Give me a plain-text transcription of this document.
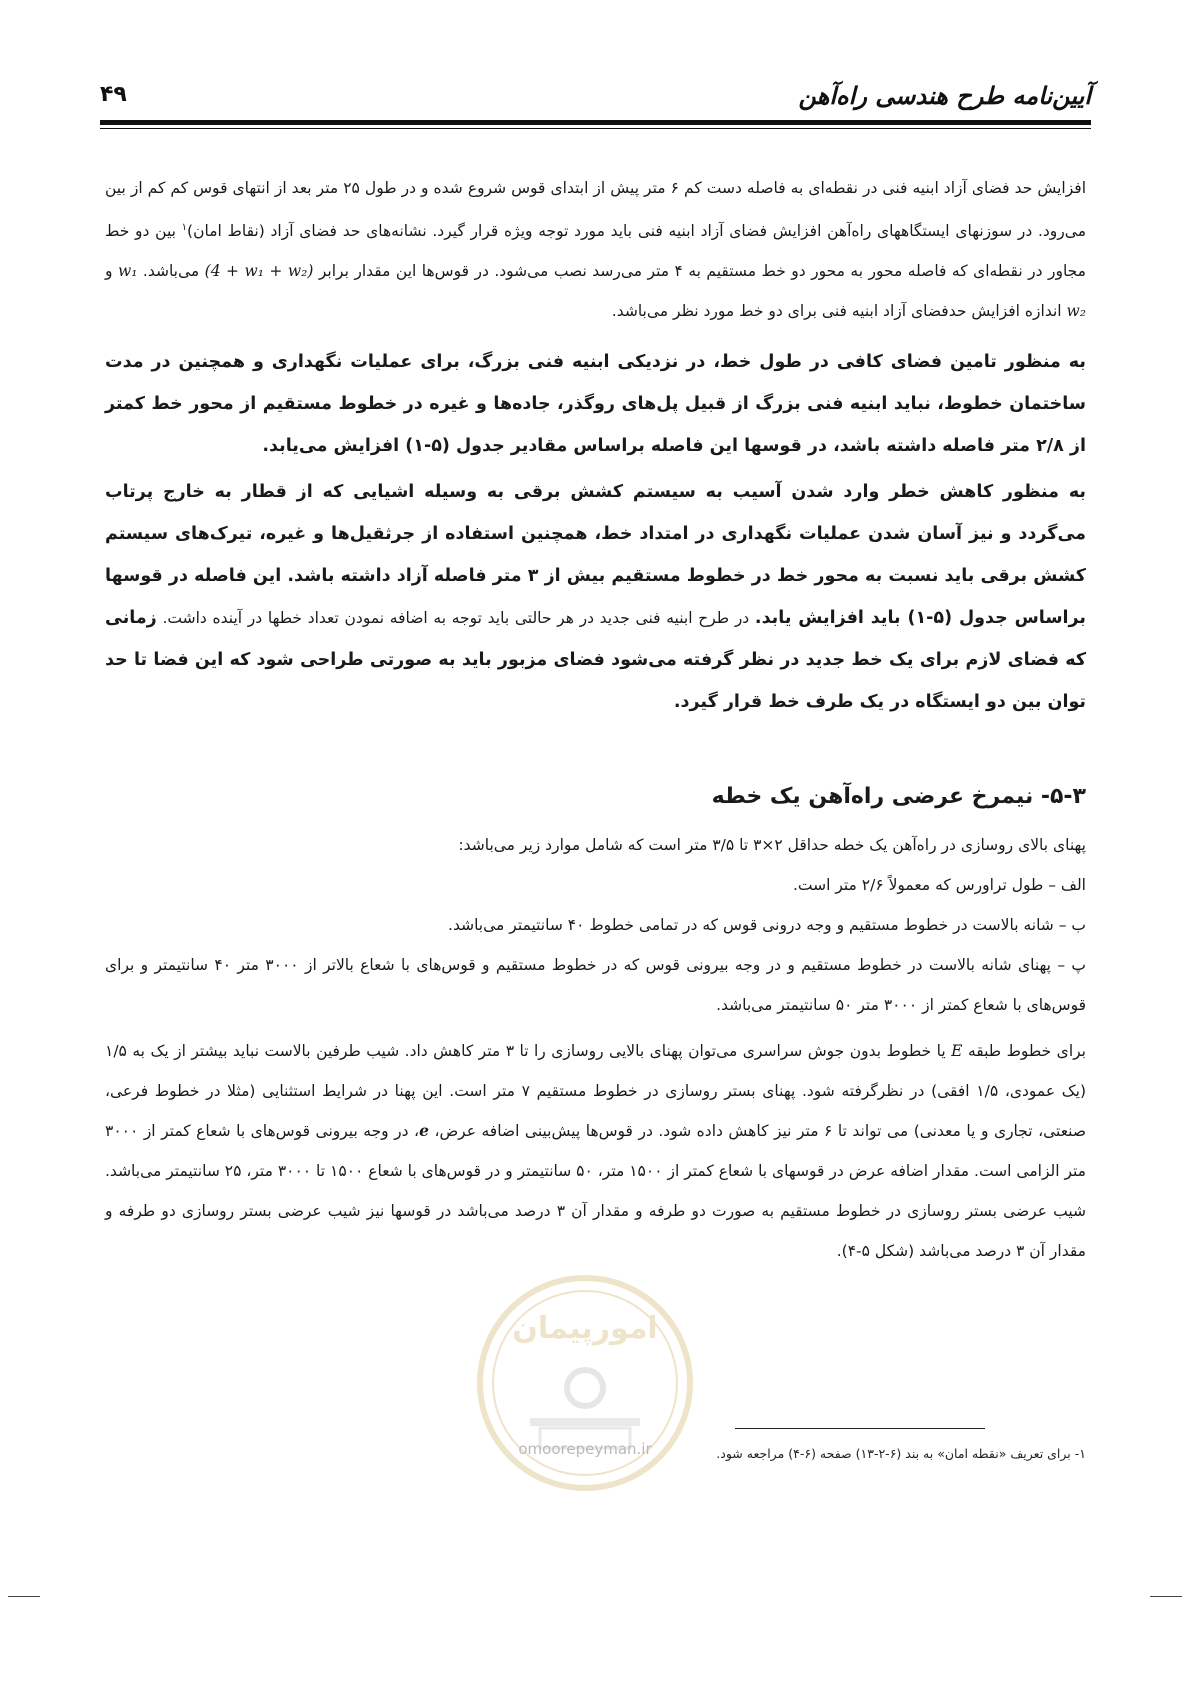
آیین‌نامه طرح هندسی راه‌آهن
۴۹

افزایش حد فضای آزاد ابنیه فنی در نقطه‌ای به فاصله دست کم ۶ متر پیش از ابتدای قوس شروع شده و در طول ۲۵ متر بعد از انتهای قوس کم کم از بین می‌رود. در سوزنهای ایستگاههای راه‌آهن افزایش فضای آزاد ابنیه فنی باید مورد توجه ویژه قرار گیرد. نشانه‌های حد فضای آزاد (نقاط امان)$^۱$ بین دو خط مجاور در نقطه‌ای که فاصله محور به محور دو خط مستقیم به ۴ متر می‌رسد نصب می‌شود. در قوس‌ها این مقدار برابر (4 + w₁ + w₂) می‌باشد. w₁ و w₂ اندازه افزایش حدفضای آزاد ابنیه فنی برای دو خط مورد نظر می‌باشد.

به منظور تامین فضای کافی در طول خط، در نزدیکی ابنیه فنی بزرگ، برای عملیات نگهداری و همچنین در مدت ساختمان خطوط، نباید ابنیه فنی بزرگ از قبیل پل‌های روگذر، جاده‌ها و غیره در خطوط مستقیم از محور خط کمتر از ۲/۸ متر فاصله داشته باشد، در قوسها این فاصله براساس مقادیر جدول (۵-۱) افزایش می‌یابد.

به منظور کاهش خطر وارد شدن آسیب به سیستم کشش برقی به وسیله اشیایی که از قطار به خارج پرتاب می‌گردد و نیز آسان شدن عملیات نگهداری در امتداد خط، همچنین استفاده از جرثقیل‌ها و غیره، تیرک‌های سیستم کشش برقی باید نسبت به محور خط در خطوط مستقیم بیش از ۳ متر فاصله آزاد داشته باشد. این فاصله در قوسها براساس جدول (۵-۱) باید افزایش یابد. در طرح ابنیه فنی جدید در هر حالتی باید توجه به اضافه نمودن تعداد خطها در آینده داشت. زمانی که فضای لازم برای یک خط جدید در نظر گرفته می‌شود فضای مزبور باید به صورتی طراحی شود که این فضا تا حد توان بین دو ایستگاه در یک طرف خط قرار گیرد.

۵-۳- نیمرخ عرضی راه‌آهن یک خطه

پهنای بالای روسازی در راه‌آهن یک خطه حداقل ۲×۳ تا ۳/۵ متر است که شامل موارد زیر می‌باشد:

الف – طول تراورس که معمولاً ۲/۶ متر است.

ب – شانه بالاست در خطوط مستقیم و وجه درونی قوس که در تمامی خطوط ۴۰ سانتیمتر می‌باشد.

پ – پهنای شانه بالاست در خطوط مستقیم و در وجه بیرونی قوس که در خطوط مستقیم و قوس‌های با شعاع بالاتر از ۳۰۰۰ متر ۴۰ سانتیمتر و برای قوس‌های با شعاع کمتر از ۳۰۰۰ متر ۵۰ سانتیمتر می‌باشد.

برای خطوط طبقه E یا خطوط بدون جوش سراسری می‌توان پهنای بالایی روسازی را تا ۳ متر کاهش داد. شیب طرفین بالاست نباید بیشتر از یک به ۱/۵ (یک عمودی، ۱/۵ افقی) در نظرگرفته شود. پهنای بستر روسازی در خطوط مستقیم ۷ متر است. این پهنا در شرایط استثنایی (مثلا در خطوط فرعی، صنعتی، تجاری و یا معدنی) می تواند تا ۶ متر نیز کاهش داده شود. در قوس‌ها پیش‌بینی اضافه عرض، e، در وجه بیرونی قوس‌های با شعاع کمتر از ۳۰۰۰ متر الزامی است. مقدار اضافه عرض در قوسهای با شعاع کمتر از ۱۵۰۰ متر، ۵۰ سانتیمتر و در قوس‌های با شعاع ۱۵۰۰ تا ۳۰۰۰ متر، ۲۵ سانتیمتر می‌باشد. شیب عرضی بستر روسازی در خطوط مستقیم به صورت دو طرفه و مقدار آن ۳ درصد می‌باشد در قوسها نیز شیب عرضی بستر روسازی دو طرفه و مقدار آن ۳ درصد می‌باشد (شکل ۵-۴).

امورپیمان
omoorepeyman.ir	۱- برای تعریف «نقطه امان» به بند (۶-۲-۱۳) صفحه (۶-۴) مراجعه شود.
